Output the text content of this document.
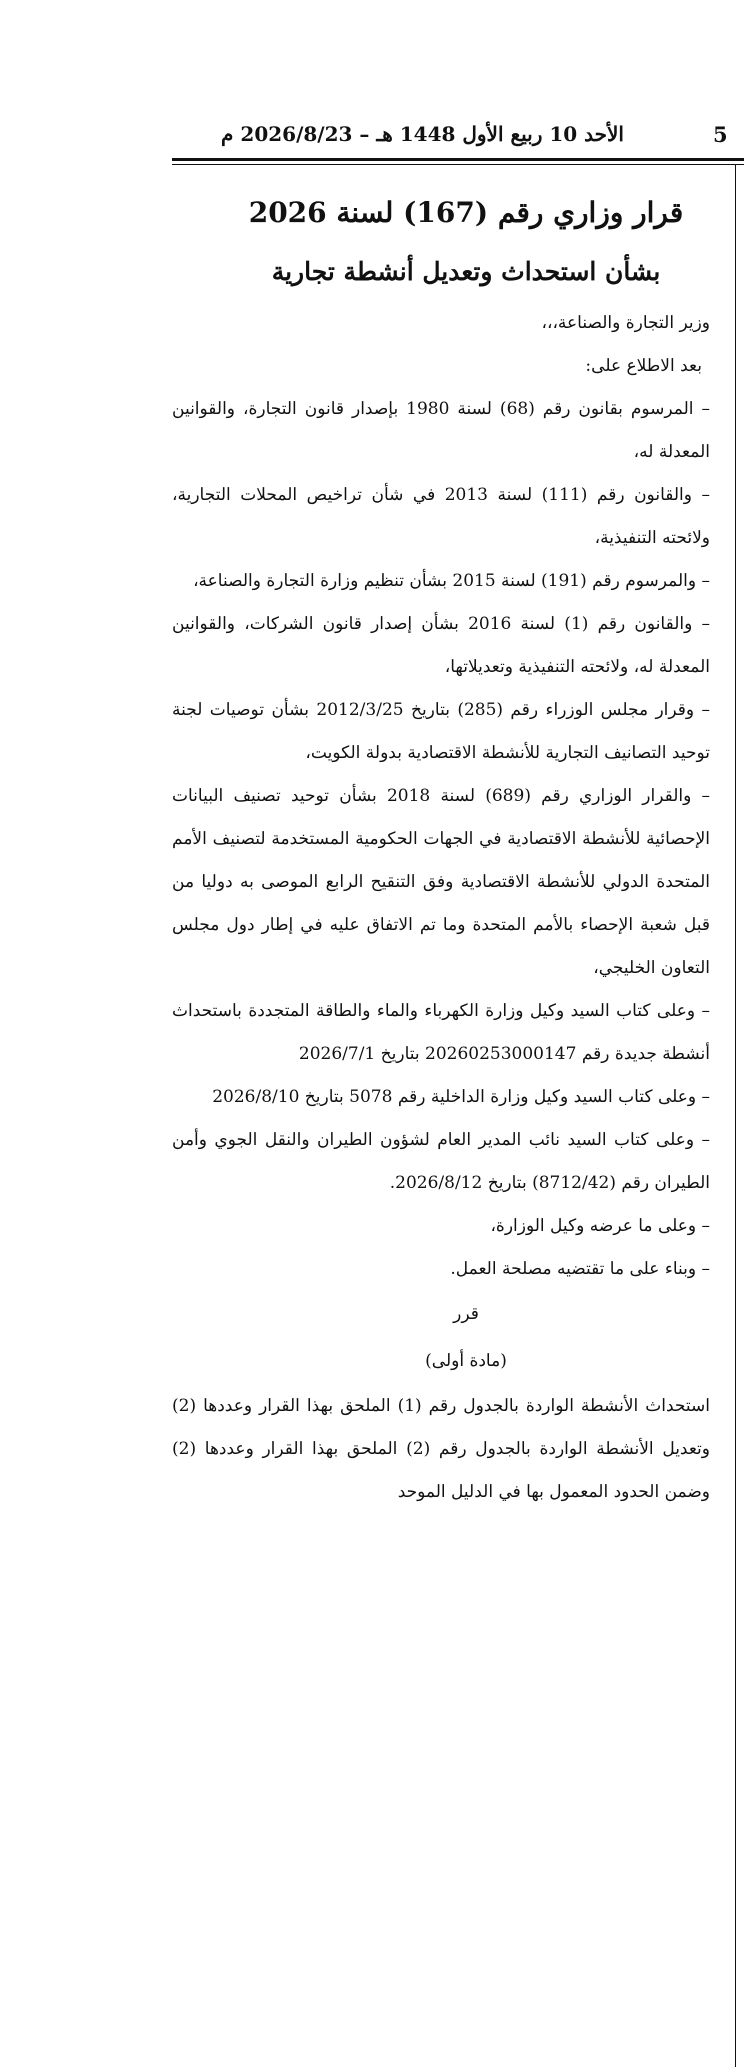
5
الأحد 10 ربيع الأول 1448 هـ – 2026/8/23 م
قرار وزاري رقم (167) لسنة 2026
بشأن استحداث وتعديل أنشطة تجارية

وزير التجارة والصناعة،،،

بعد الاطلاع على:

– المرسوم بقانون رقم (68) لسنة 1980 بإصدار قانون التجارة، والقوانين المعدلة له،

– والقانون رقم (111) لسنة 2013 في شأن تراخيص المحلات التجارية، ولائحته التنفيذية،

– والمرسوم رقم (191) لسنة 2015 بشأن تنظيم وزارة التجارة والصناعة،

– والقانون رقم (1) لسنة 2016 بشأن إصدار قانون الشركات، والقوانين المعدلة له، ولائحته التنفيذية وتعديلاتها،

– وقرار مجلس الوزراء رقم (285) بتاريخ 2012/3/25 بشأن توصيات لجنة توحيد التصانيف التجارية للأنشطة الاقتصادية بدولة الكويت،

– والقرار الوزاري رقم (689) لسنة 2018 بشأن توحيد تصنيف البيانات الإحصائية للأنشطة الاقتصادية في الجهات الحكومية المستخدمة لتصنيف الأمم المتحدة الدولي للأنشطة الاقتصادية وفق التنقيح الرابع الموصى به دوليا من قبل شعبة الإحصاء بالأمم المتحدة وما تم الاتفاق عليه في إطار دول مجلس التعاون الخليجي،

– وعلى كتاب السيد وكيل وزارة الكهرباء والماء والطاقة المتجددة باستحداث أنشطة جديدة رقم 20260253000147 بتاريخ 2026/7/1

– وعلى كتاب السيد وكيل وزارة الداخلية رقم 5078 بتاريخ 2026/8/10

– وعلى كتاب السيد نائب المدير العام لشؤون الطيران والنقل الجوي وأمن الطيران رقم (8712/42) بتاريخ 2026/8/12.

– وعلى ما عرضه وكيل الوزارة،

– وبناء على ما تقتضيه مصلحة العمل.

قرر

(مادة أولى)

استحداث الأنشطة الواردة بالجدول رقم (1) الملحق بهذا القرار وعددها (2) وتعديل الأنشطة الواردة بالجدول رقم (2) الملحق بهذا القرار وعددها (2) وضمن الحدود المعمول بها في الدليل الموحد
